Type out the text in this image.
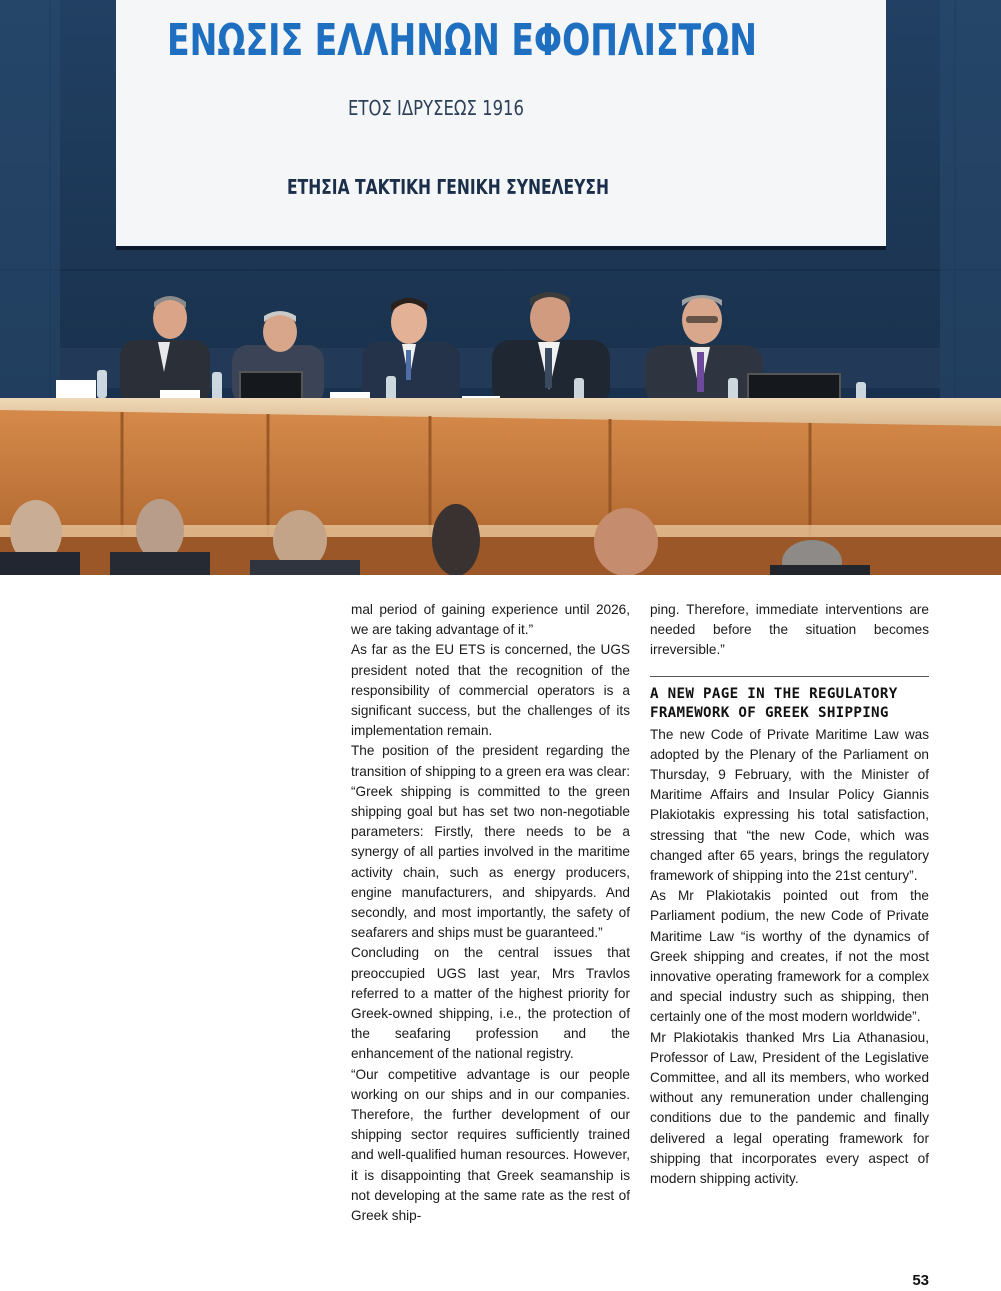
ΕΝΩΣΙΣ ΕΛΛΗΝΩΝ ΕΦΟΠΛΙΣΤΩΝ
ΕΤΟΣ ΙΔΡΥΣΕΩΣ 1916
ΕΤΗΣΙΑ ΤΑΚΤΙΚΗ ΓΕΝΙΚΗ ΣΥΝΕΛΕΥΣΗ

mal period of gaining experience until 2026, we are taking advantage of it.”

As far as the EU ETS is concerned, the UGS president noted that the recognition of the responsibility of commercial operators is a significant success, but the challenges of its implementation remain.

The position of the president regarding the transition of shipping to a green era was clear: “Greek shipping is committed to the green shipping goal but has set two non-negotiable parameters: Firstly, there needs to be a synergy of all parties involved in the maritime activity chain, such as energy producers, engine manufacturers, and shipyards. And secondly, and most importantly, the safety of seafarers and ships must be guaranteed.”

Concluding on the central issues that preoccupied UGS last year, Mrs Travlos referred to a matter of the highest priority for Greek-owned shipping, i.e., the protection of the seafaring profession and the enhancement of the national registry.

“Our competitive advantage is our people working on our ships and in our companies. Therefore, the further development of our shipping sector requires sufficiently trained and well-qualified human resources. However, it is disappointing that Greek seamanship is not developing at the same rate as the rest of Greek ship-

ping. Therefore, immediate interventions are needed before the situation becomes irreversible.”

A NEW PAGE IN THE REGULATORY FRAMEWORK OF GREEK SHIPPING

The new Code of Private Maritime Law was adopted by the Plenary of the Parliament on Thursday, 9 February, with the Minister of Maritime Affairs and Insular Policy Giannis Plakiotakis expressing his total satisfaction, stressing that “the new Code, which was changed after 65 years, brings the regulatory framework of shipping into the 21st century”.

As Mr Plakiotakis pointed out from the Parliament podium, the new Code of Private Maritime Law “is worthy of the dynamics of Greek shipping and creates, if not the most innovative operating framework for a complex and special industry such as shipping, then certainly one of the most modern worldwide”.

Mr Plakiotakis thanked Mrs Lia Athanasiou, Professor of Law, President of the Legislative Committee, and all its members, who worked without any remuneration under challenging conditions due to the pandemic and finally delivered a legal operating framework for shipping that incorporates every aspect of modern shipping activity.

53
